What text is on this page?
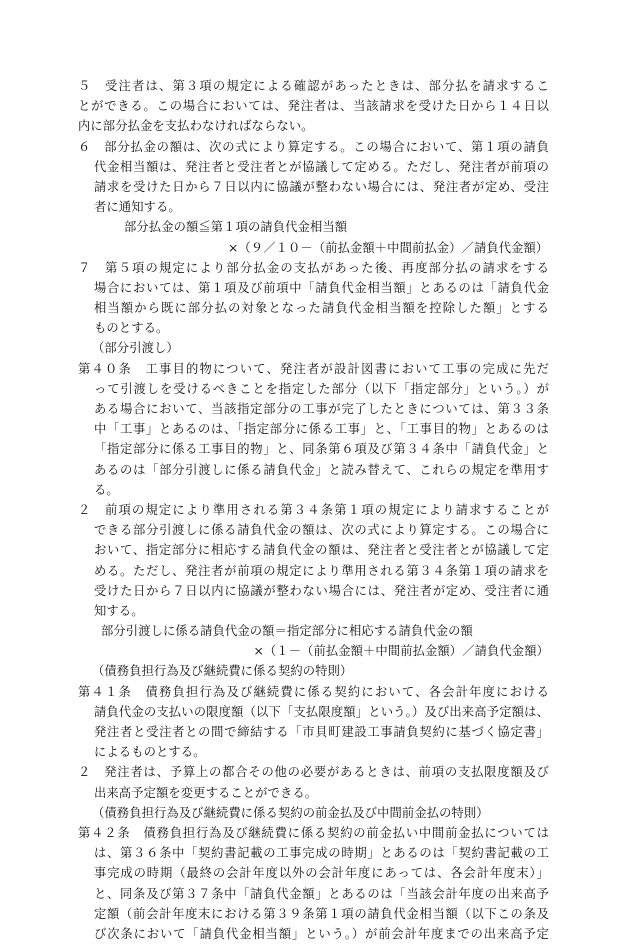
５　受注者は、第３項の規定による確認があったときは、部分払を請求するこ
とができる。この場合においては、発注者は、当該請求を受けた日から１４日以
内に部分払金を支払わなければならない。
６　部分払金の額は、次の式により算定する。この場合において、第１項の請負
代金相当額は、発注者と受注者とが協議して定める。ただし、発注者が前項の
請求を受けた日から７日以内に協議が整わない場合には、発注者が定め、受注
者に通知する。
部分払金の額≦第１項の請負代金相当額
×（９／１０－（前払金額＋中間前払金）／請負代金額）
７　第５項の規定により部分払金の支払があった後、再度部分払の請求をする
場合においては、第１項及び前項中「請負代金相当額」とあるのは「請負代金
相当額から既に部分払の対象となった請負代金相当額を控除した額」とする
ものとする。
（部分引渡し）
第４０条　工事目的物について、発注者が設計図書において工事の完成に先だ
って引渡しを受けるべきことを指定した部分（以下「指定部分」という。）が
ある場合において、当該指定部分の工事が完了したときについては、第３３条
中「工事」とあるのは、「指定部分に係る工事」と、「工事目的物」とあるのは
「指定部分に係る工事目的物」と、同条第６項及び第３４条中「請負代金」と
あるのは「部分引渡しに係る請負代金」と読み替えて、これらの規定を準用す
る。
２　前項の規定により準用される第３４条第１項の規定により請求することが
できる部分引渡しに係る請負代金の額は、次の式により算定する。この場合に
おいて、指定部分に相応する請負代金の額は、発注者と受注者とが協議して定
める。ただし、発注者が前項の規定により準用される第３４条第１項の請求を
受けた日から７日以内に協議が整わない場合には、発注者が定め、受注者に通
知する。
部分引渡しに係る請負代金の額＝指定部分に相応する請負代金の額
×（１－（前払金額＋中間前払金額）／請負代金額）
（債務負担行為及び継続費に係る契約の特則）
第４１条　債務負担行為及び継続費に係る契約において、各会計年度における
請負代金の支払いの限度額（以下「支払限度額」という。）及び出来高予定額は、
発注者と受注者との間で締結する「市貝町建設工事請負契約に基づく協定書」
によるものとする。
２　発注者は、予算上の都合その他の必要があるときは、前項の支払限度額及び
出来高予定額を変更することができる。
（債務負担行為及び継続費に係る契約の前金払及び中間前金払の特則）
第４２条　債務負担行為及び継続費に係る契約の前金払い中間前金払については
は、第３６条中「契約書記載の工事完成の時期」とあるのは「契約書記載の工
事完成の時期（最終の会計年度以外の会計年度にあっては、各会計年度末）」
と、同条及び第３７条中「請負代金額」とあるのは「当該会計年度の出来高予
定額（前会計年度末における第３９条第１項の請負代金相当額（以下この条及
び次条において「請負代金相当額」という。）が前会計年度までの出来高予定
